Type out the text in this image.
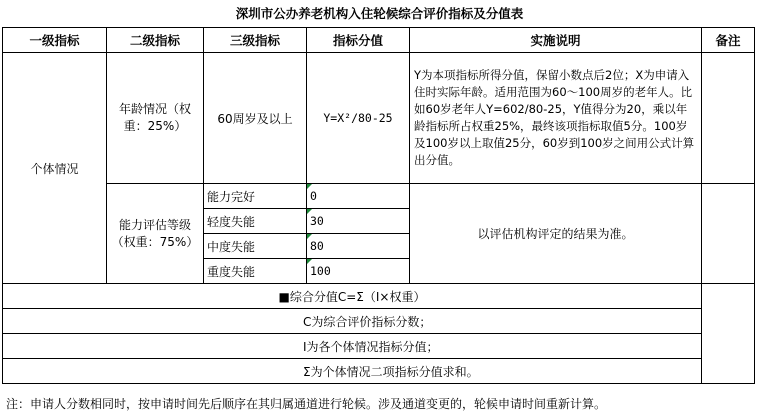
深圳市公办养老机构入住轮候综合评价指标及分值表
一级指标	二级指标	三级指标	指标分值	实施说明	备注
个体情况	年龄情况（权重：25%）	60周岁及以上	Y=X²/80-25	Y为本项指标所得分值，保留小数点后2位；X为申请入住时实际年龄。适用范围为60～100周岁的老年人。比如60岁老年人Y=602/80-25，Y值得分为20，乘以年龄指标所占权重25%，最终该项指标取值5分。100岁及100岁以上取值25分，60岁到100岁之间用公式计算出分值。	
	能力评估等级（权重：75%）	能力完好	0	以评估机构评定的结果为准。	
		轻度失能	30		
		中度失能	80		
		重度失能	100		
■综合分值C=Σ（I×权重）					
C为综合评价指标分数；					
I为各个体情况指标分值；					
Σ为个体情况二项指标分值求和。					
注：申请人分数相同时，按申请时间先后顺序在其归属通道进行轮候。涉及通道变更的，轮候申请时间重新计算。
